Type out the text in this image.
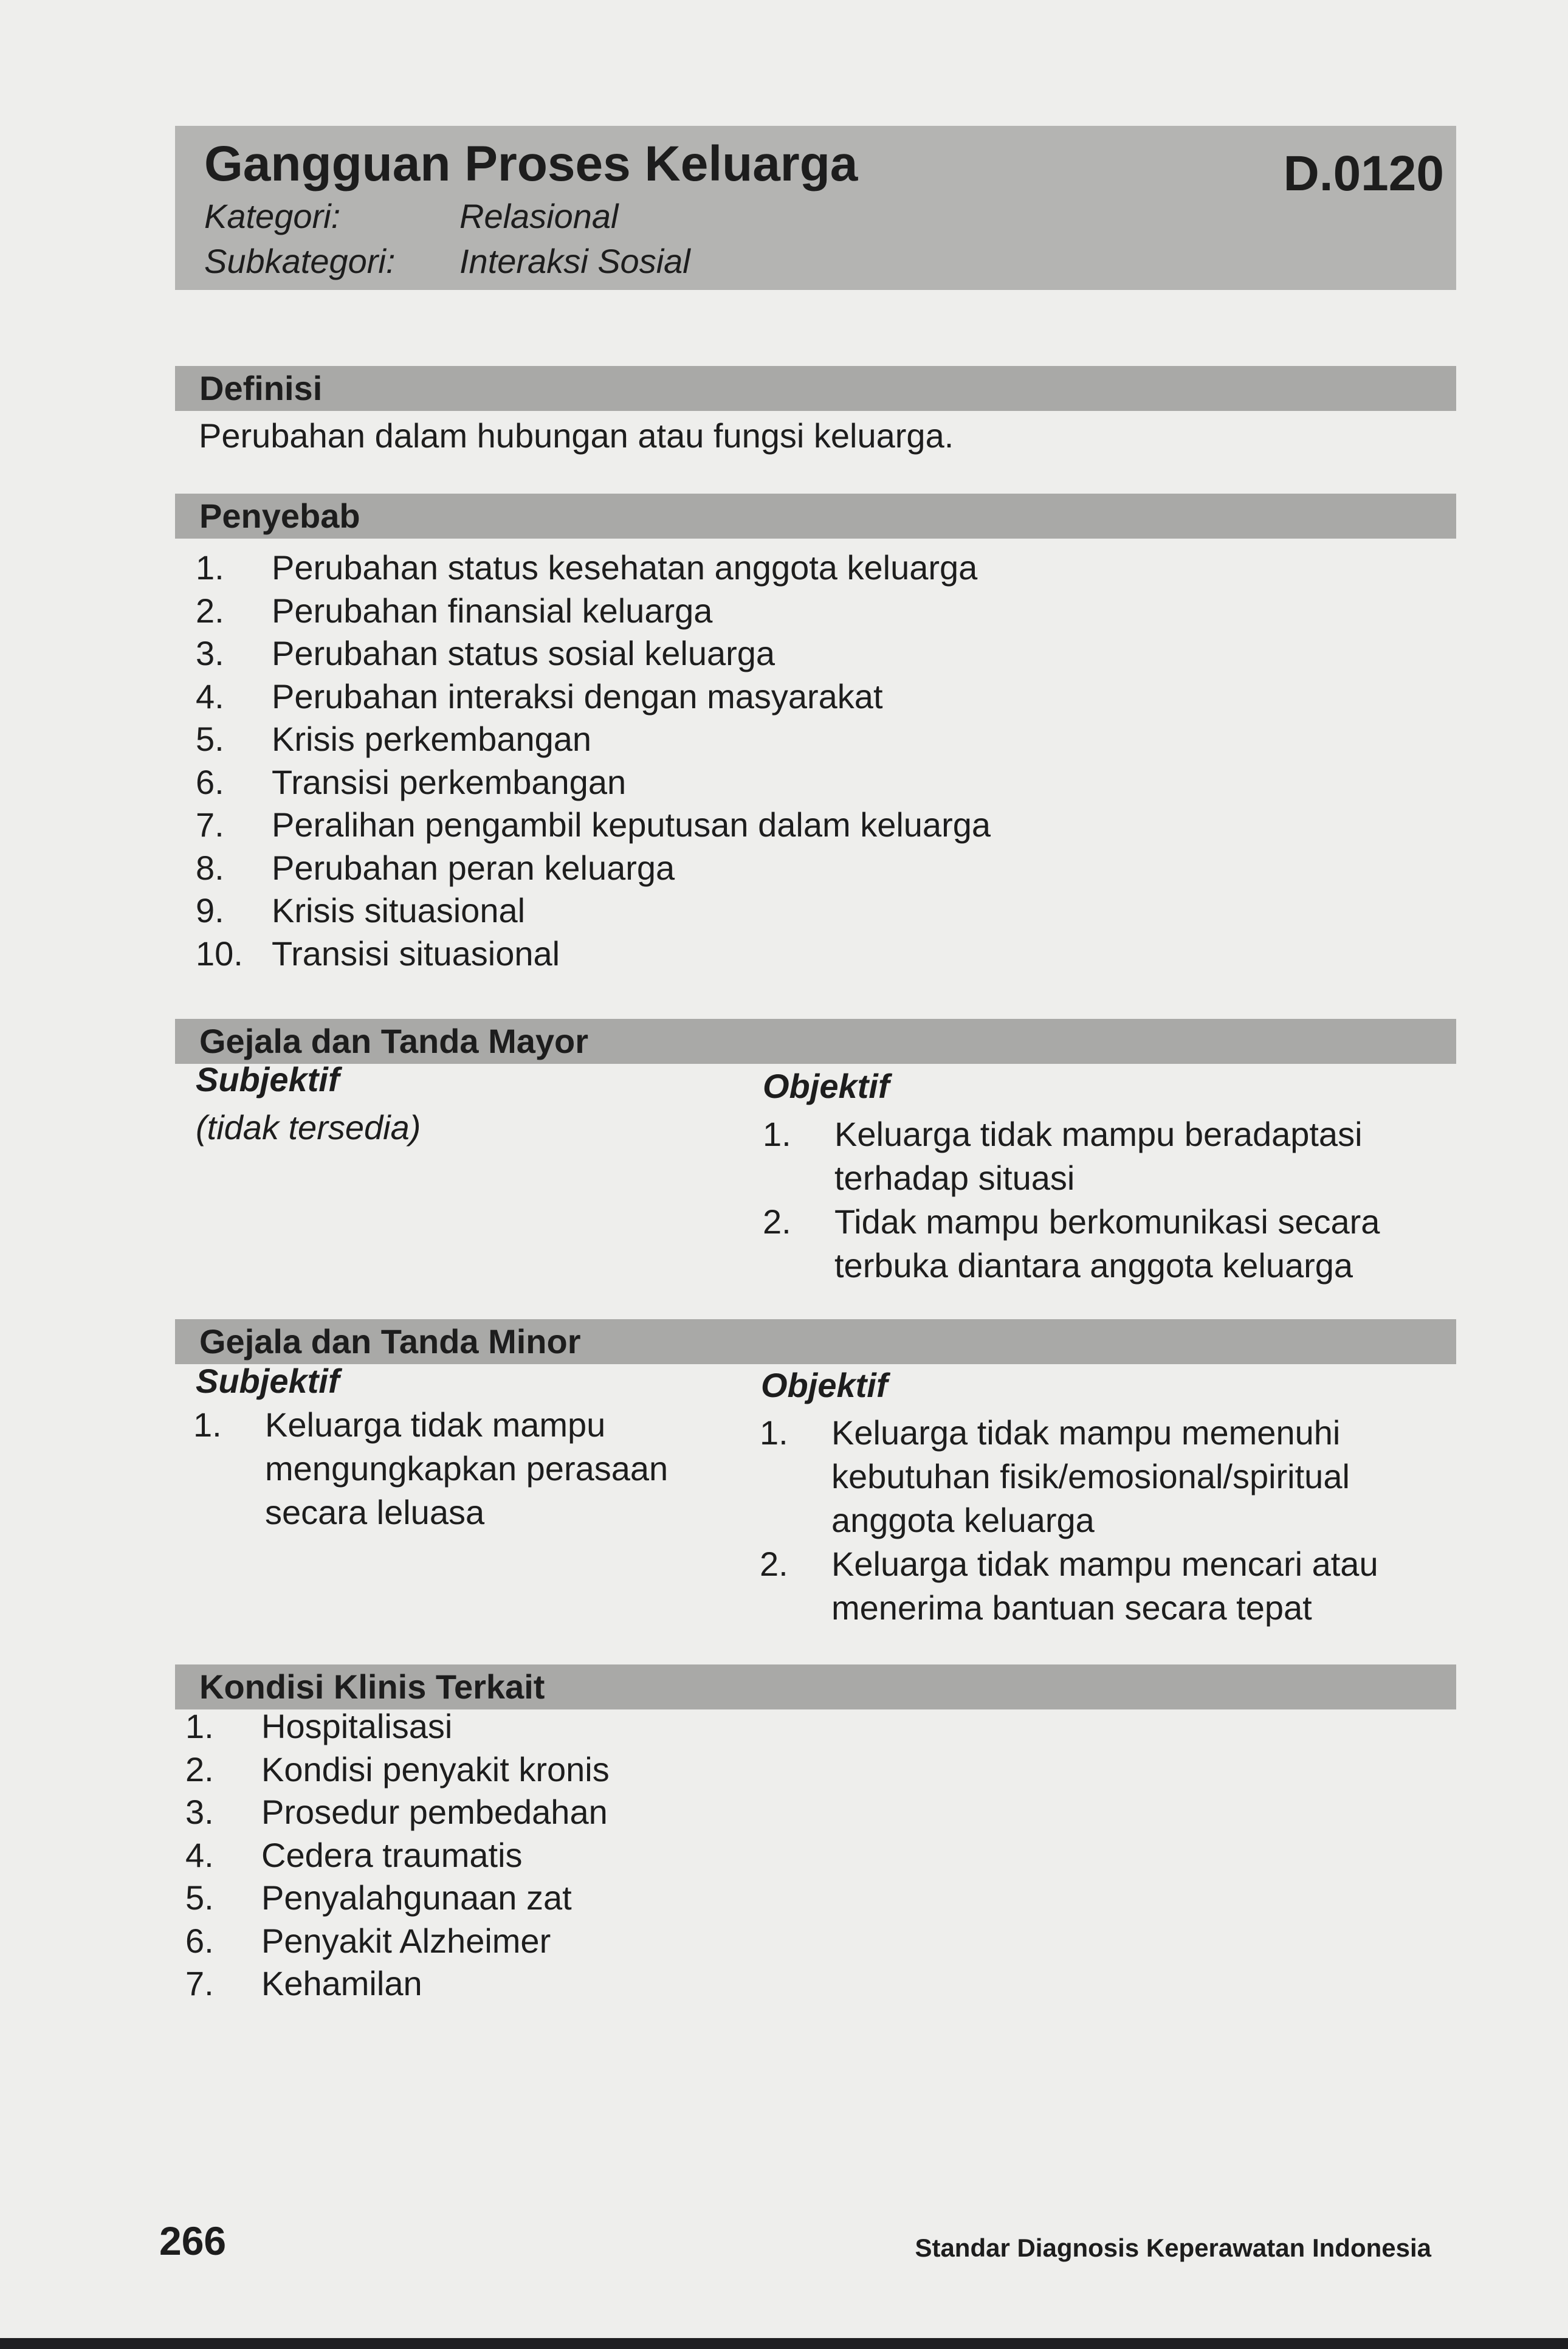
Gangguan Proses Keluarga	D.0120
Kategori:	Relasional
Subkategori:	Interaksi Sosial
Definisi
Perubahan dalam hubungan atau fungsi keluarga.
Penyebab
1.	Perubahan status kesehatan anggota keluarga
2.	Perubahan finansial keluarga
3.	Perubahan status sosial keluarga
4.	Perubahan interaksi dengan masyarakat
5.	Krisis perkembangan
6.	Transisi perkembangan
7.	Peralihan pengambil keputusan dalam keluarga
8.	Perubahan peran keluarga
9.	Krisis situasional
10. Transisi situasional
Gejala dan Tanda Mayor
Subjektif
(tidak tersedia)
Objektif
1.	Keluarga tidak mampu beradaptasi terhadap situasi
2.	Tidak mampu berkomunikasi secara terbuka diantara anggota keluarga
Gejala dan Tanda Minor
Subjektif
1.	Keluarga tidak mampu mengungkapkan perasaan secara leluasa
Objektif
1.	Keluarga tidak mampu memenuhi kebutuhan fisik/emosional/spiritual anggota keluarga
2.	Keluarga tidak mampu mencari atau menerima bantuan secara tepat
Kondisi Klinis Terkait
1.	Hospitalisasi
2.	Kondisi penyakit kronis
3.	Prosedur pembedahan
4.	Cedera traumatis
5.	Penyalahgunaan zat
6.	Penyakit Alzheimer
7.	Kehamilan
266	Standar Diagnosis Keperawatan Indonesia
